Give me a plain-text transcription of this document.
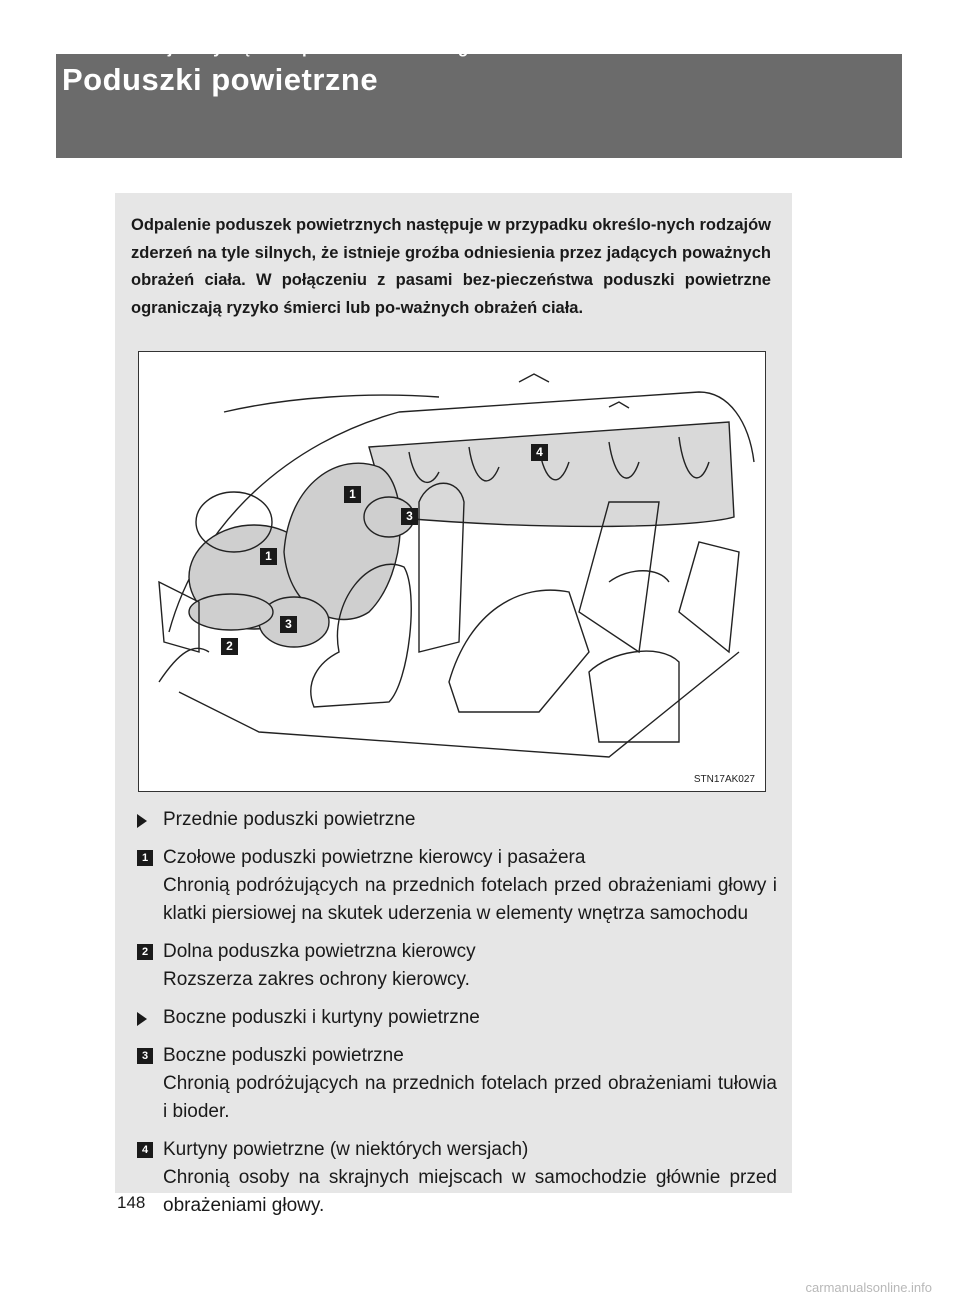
1-7. Informacje dotyczące bezpieczeństwa biernego
Poduszki powietrzne
Odpalenie poduszek powietrznych następuje w przypadku określo-nych rodzajów zderzeń na tyle silnych, że istnieje groźba odniesienia przez jadących poważnych obrażeń ciała. W połączeniu z pasami bez-pieczeństwa poduszki powietrzne ograniczają ryzyko śmierci lub po-ważnych obrażeń ciała.
1
1
2
3
3
4
STN17AK027
Przednie poduszki powietrzne
1 Czołowe poduszki powietrzne kierowcy i pasażera
Chronią podróżujących na przednich fotelach przed obrażeniami głowy i klatki piersiowej na skutek uderzenia w elementy wnętrza samochodu
2 Dolna poduszka powietrzna kierowcy
Rozszerza zakres ochrony kierowcy.
Boczne poduszki i kurtyny powietrzne
3 Boczne poduszki powietrzne
Chronią podróżujących na przednich fotelach przed obrażeniami tułowia i bioder.
4 Kurtyny powietrzne (w niektórych wersjach)
Chronią osoby na skrajnych miejscach w samochodzie głównie przed obrażeniami głowy.
148
carmanualsonline.info
